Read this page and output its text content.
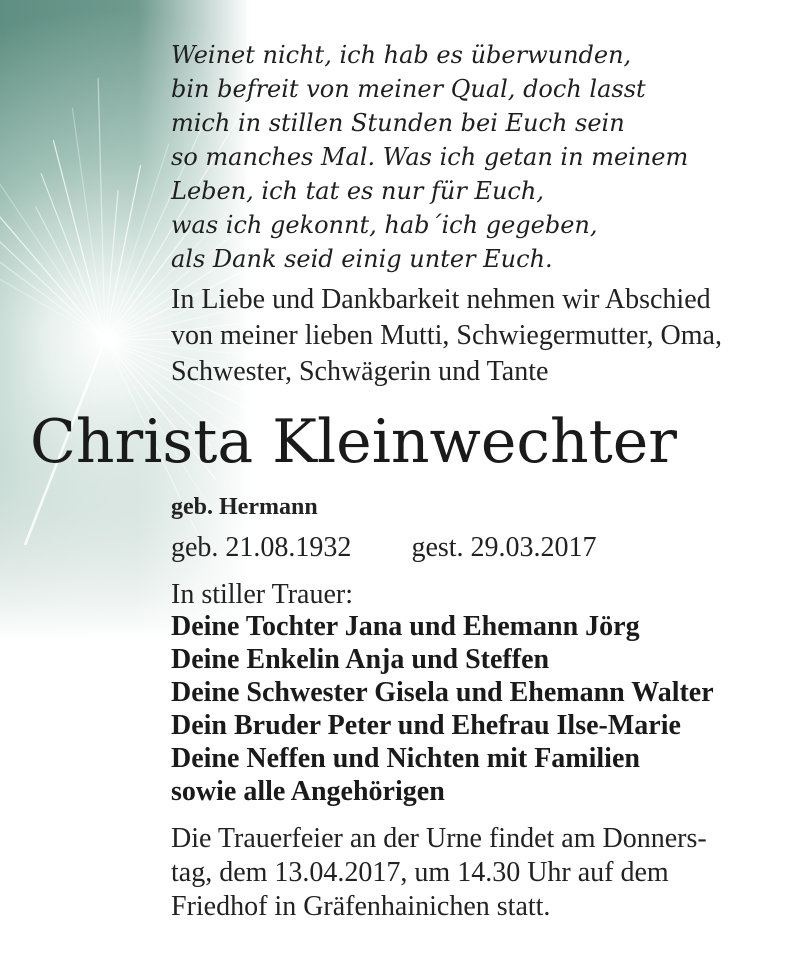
Weinet nicht, ich hab es überwunden,
bin befreit von meiner Qual, doch lasst
mich in stillen Stunden bei Euch sein
so manches Mal. Was ich getan in meinem
Leben, ich tat es nur für Euch,
was ich gekonnt, hab´ich gegeben,
als Dank seid einig unter Euch.
In Liebe und Dankbarkeit nehmen wir Abschied
von meiner lieben Mutti, Schwiegermutter, Oma,
Schwester, Schwägerin und Tante
Christa Kleinwechter
geb. Hermann
geb. 21.08.1932 gest. 29.03.2017
In stiller Trauer:
Deine Tochter Jana und Ehemann Jörg
Deine Enkelin Anja und Steffen
Deine Schwester Gisela und Ehemann Walter
Dein Bruder Peter und Ehefrau Ilse-Marie
Deine Neffen und Nichten mit Familien
sowie alle Angehörigen
Die Trauerfeier an der Urne findet am Donners-
tag, dem 13.04.2017, um 14.30 Uhr auf dem
Friedhof in Gräfenhainichen statt.
